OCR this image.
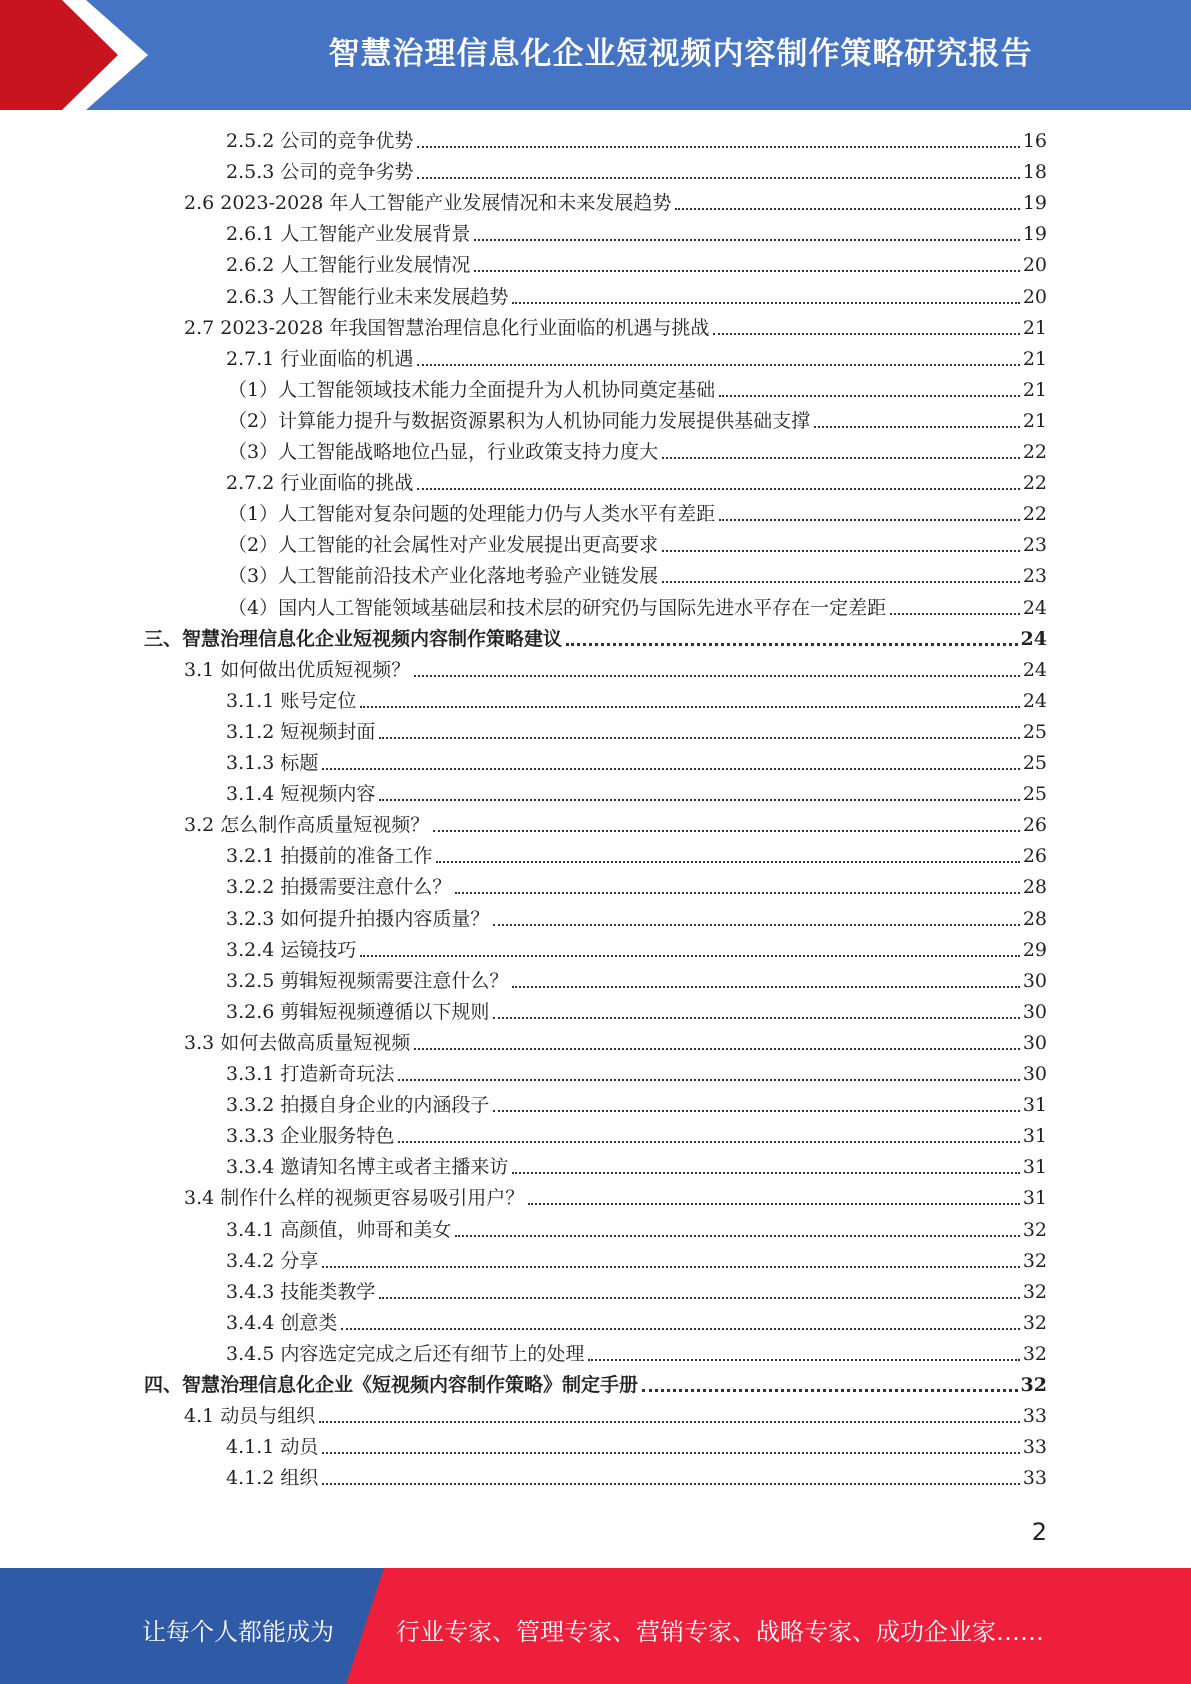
智慧治理信息化企业短视频内容制作策略研究报告
2.5.2 公司的竞争优势	16
2.5.3 公司的竞争劣势	18
2.6 2023-2028 年人工智能产业发展情况和未来发展趋势	19
2.6.1 人工智能产业发展背景	19
2.6.2 人工智能行业发展情况	20
2.6.3 人工智能行业未来发展趋势	20
2.7 2023-2028 年我国智慧治理信息化行业面临的机遇与挑战	21
2.7.1 行业面临的机遇	21
（1）人工智能领域技术能力全面提升为人机协同奠定基础	21
（2）计算能力提升与数据资源累积为人机协同能力发展提供基础支撑	21
（3）人工智能战略地位凸显，行业政策支持力度大	22
2.7.2 行业面临的挑战	22
（1）人工智能对复杂问题的处理能力仍与人类水平有差距	22
（2）人工智能的社会属性对产业发展提出更高要求	23
（3）人工智能前沿技术产业化落地考验产业链发展	23
（4）国内人工智能领域基础层和技术层的研究仍与国际先进水平存在一定差距	24
三、智慧治理信息化企业短视频内容制作策略建议	24
3.1 如何做出优质短视频？	24
3.1.1 账号定位	24
3.1.2 短视频封面	25
3.1.3 标题	25
3.1.4 短视频内容	25
3.2 怎么制作高质量短视频？	26
3.2.1 拍摄前的准备工作	26
3.2.2 拍摄需要注意什么？	28
3.2.3 如何提升拍摄内容质量？	28
3.2.4 运镜技巧	29
3.2.5 剪辑短视频需要注意什么？	30
3.2.6 剪辑短视频遵循以下规则	30
3.3 如何去做高质量短视频	30
3.3.1 打造新奇玩法	30
3.3.2 拍摄自身企业的内涵段子	31
3.3.3 企业服务特色	31
3.3.4 邀请知名博主或者主播来访	31
3.4 制作什么样的视频更容易吸引用户？	31
3.4.1 高颜值，帅哥和美女	32
3.4.2 分享	32
3.4.3 技能类教学	32
3.4.4 创意类	32
3.4.5 内容选定完成之后还有细节上的处理	32
四、智慧治理信息化企业《短视频内容制作策略》制定手册	32
4.1 动员与组织	33
4.1.1 动员	33
4.1.2 组织	33
2
让每个人都能成为	行业专家、管理专家、营销专家、战略专家、成功企业家……
